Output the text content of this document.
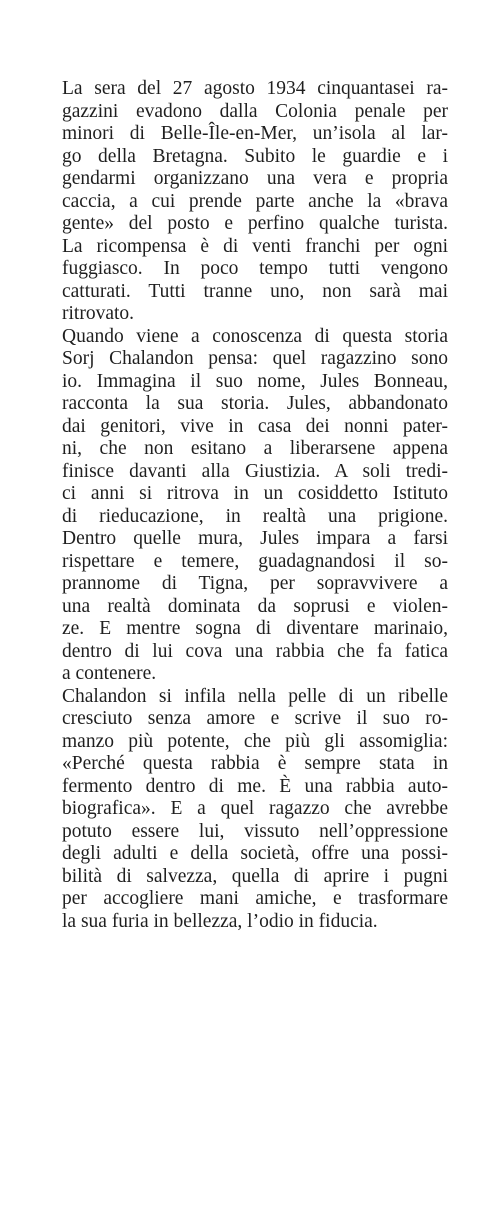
La sera del 27 agosto 1934 cinquantasei ra-
gazzini evadono dalla Colonia penale per
minori di Belle-Île-en-Mer, un’isola al lar-
go della Bretagna. Subito le guardie e i
gendarmi organizzano una vera e propria
caccia, a cui prende parte anche la «brava
gente» del posto e perfino qualche turista.
La ricompensa è di venti franchi per ogni
fuggiasco. In poco tempo tutti vengono
catturati. Tutti tranne uno, non sarà mai
ritrovato.
Quando viene a conoscenza di questa storia
Sorj Chalandon pensa: quel ragazzino sono
io. Immagina il suo nome, Jules Bonneau,
racconta la sua storia. Jules, abbandonato
dai genitori, vive in casa dei nonni pater-
ni, che non esitano a liberarsene appena
finisce davanti alla Giustizia. A soli tredi-
ci anni si ritrova in un cosiddetto Istituto
di rieducazione, in realtà una prigione.
Dentro quelle mura, Jules impara a farsi
rispettare e temere, guadagnandosi il so-
prannome di Tigna, per sopravvivere a
una realtà dominata da soprusi e violen-
ze. E mentre sogna di diventare marinaio,
dentro di lui cova una rabbia che fa fatica
a contenere.
Chalandon si infila nella pelle di un ribelle
cresciuto senza amore e scrive il suo ro-
manzo più potente, che più gli assomiglia:
«Perché questa rabbia è sempre stata in
fermento dentro di me. È una rabbia auto-
biografica». E a quel ragazzo che avrebbe
potuto essere lui, vissuto nell’oppressione
degli adulti e della società, offre una possi-
bilità di salvezza, quella di aprire i pugni
per accogliere mani amiche, e trasformare
la sua furia in bellezza, l’odio in fiducia.
